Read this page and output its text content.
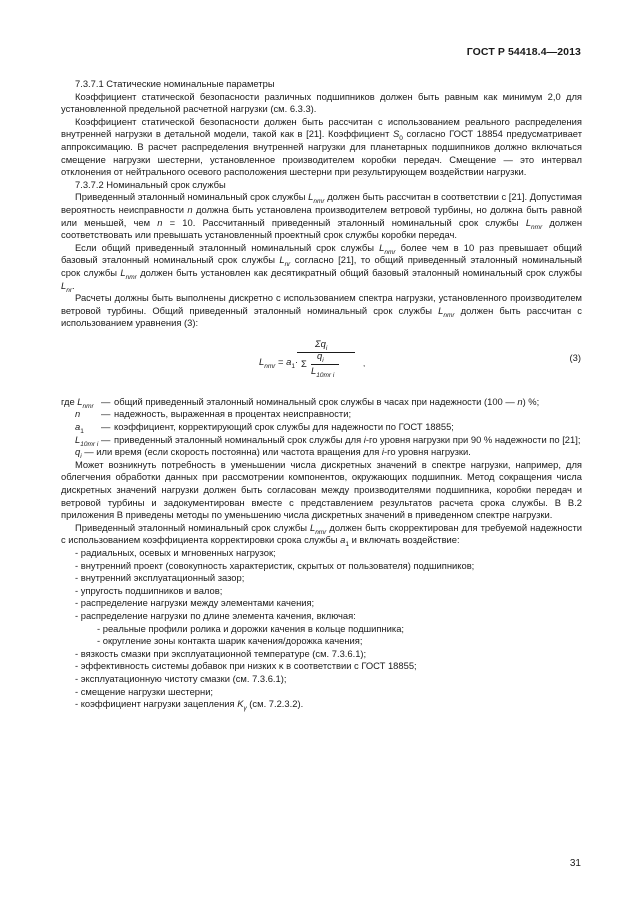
ГОСТ Р 54418.4—2013

7.3.7.1 Статические номинальные параметры

Коэффициент статической безопасности различных подшипников должен быть равным как минимум 2,0 для установленной предельной расчетной нагрузки (см. 6.3.3).

Коэффициент статической безопасности должен быть рассчитан с использованием реального распределения внутренней нагрузки в детальной модели, такой как в [21]. Коэффициент $S_0$ согласно ГОСТ 18854 предусматривает аппроксимацию. В расчет распределения внутренней нагрузки для планетарных подшипников должно включаться смещение нагрузки шестерни, установленное производителем коробки передач. Смещение — это интервал отклонения от нейтрального осевого расположения шестерни при результирующем воздействии нагрузки.

7.3.7.2 Номинальный срок службы

Приведенный эталонный номинальный срок службы $L_{nmr}$ должен быть рассчитан в соответствии с [21]. Допустимая вероятность неисправности n должна быть установлена производителем ветровой турбины, но должна быть равной или меньшей, чем n = 10. Рассчитанный приведенный эталонный номинальный срок службы $L_{nmr}$ должен соответствовать или превышать установленный проектный срок службы коробки передач.

Если общий приведенный эталонный номинальный срок службы $L_{nmr}$ более чем в 10 раз превышает общий базовый эталонный номинальный срок службы $L_{nr}$ согласно [21], то общий приведенный эталонный номинальный срок службы $L_{nmr}$ должен быть установлен как десятикратный общий базовый эталонный номинальный срок службы $L_{nr}$.

Расчеты должны быть выполнены дискретно с использованием спектра нагрузки, установленного производителем ветровой турбины. Общий приведенный эталонный номинальный срок службы $L_{nmr}$ должен быть рассчитан с использованием уравнения (3):

$L_{nmr} = a_1\cdot$
$\Sigma q_i$
Σ
$q_i$
$L_{10mr i}$
,
(3)
где $L_{nmr}$ — общий приведенный эталонный номинальный срок службы в часах при надежности (100 — n) %;
n	— надежность, выраженная в процентах неисправности;
$a_1$	— коэффициент, корректирующий срок службы для надежности по ГОСТ 18855;
$L_{10mr i}$ — приведенный эталонный номинальный срок службы для i-го уровня нагрузки при 90 % надежности по [21];

$q_i$ — или время (если скорость постоянна) или частота вращения для i-го уровня нагрузки.

Может возникнуть потребность в уменьшении числа дискретных значений в спектре нагрузки, например, для облегчения обработки данных при рассмотрении компонентов, окружающих подшипник. Метод сокращения числа дискретных значений нагрузки должен быть согласован между производителями подшипника, коробки передач и ветровой турбины и задокументирован вместе с представлением результатов расчета срока службы. В В.2 приложения В приведены методы по уменьшению числа дискретных значений в приведенном спектре нагрузки.

Приведенный эталонный номинальный срок службы $L_{nmr}$ должен быть скорректирован для требуемой надежности с использованием коэффициента корректировки срока службы $a_1$ и включать воздействие:

- радиальных, осевых и мгновенных нагрузок;
- внутренний проект (совокупность характеристик, скрытых от пользователя) подшипников;
- внутренний эксплуатационный зазор;
- упругость подшипников и валов;
- распределение нагрузки между элементами качения;
- распределение нагрузки по длине элемента качения, включая:
- реальные профили ролика и дорожки качения в кольце подшипника;
- округление зоны контакта шарик качения/дорожка качения;
- вязкость смазки при эксплуатационной температуре (см. 7.3.6.1);
- эффективность системы добавок при низких κ в соответствии с ГОСТ 18855;
- эксплуатационную чистоту смазки (см. 7.3.6.1);
- смещение нагрузки шестерни;
- коэффициент нагрузки зацепления $K_\gamma$ (см. 7.2.3.2).
31
